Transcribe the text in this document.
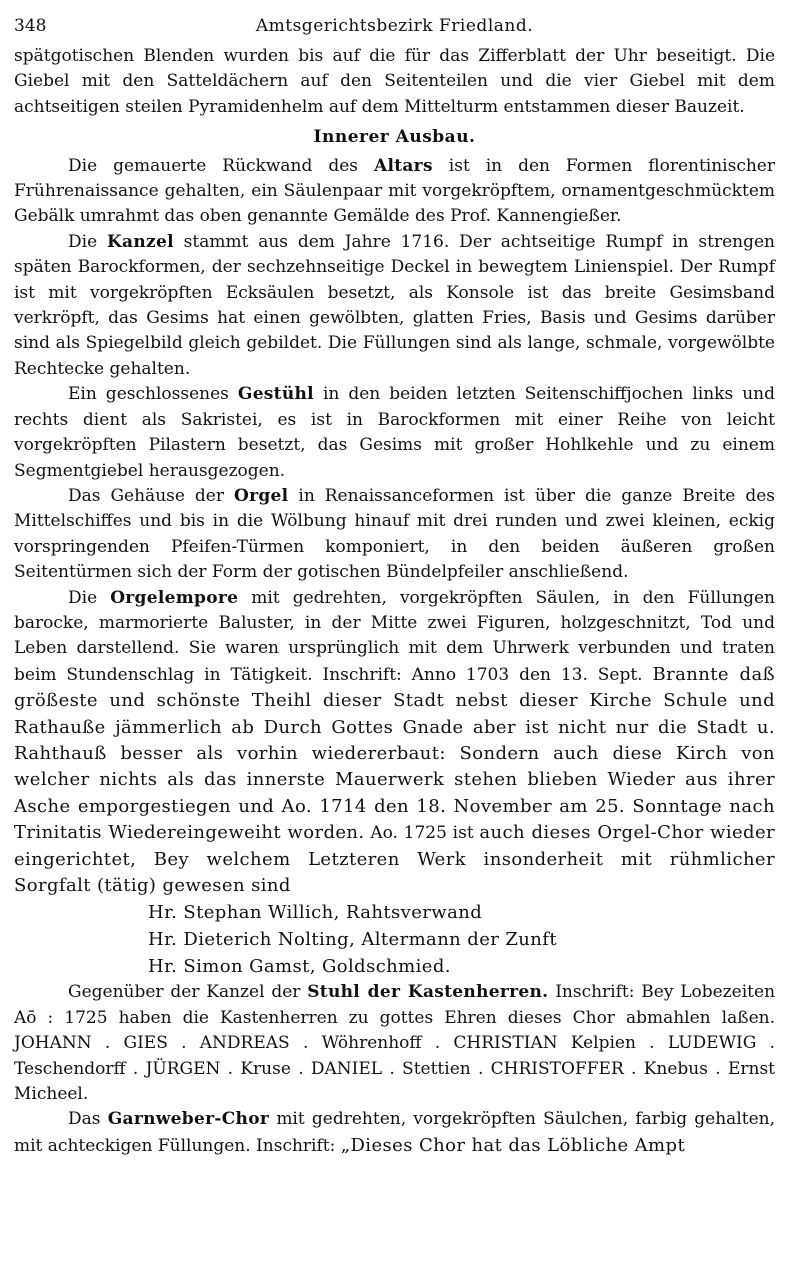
348	Amtsgerichtsbezirk Friedland.

spätgotischen Blenden wurden bis auf die für das Zifferblatt der Uhr beseitigt. Die Giebel mit den Satteldächern auf den Seitenteilen und die vier Giebel mit dem achtseitigen steilen Pyramidenhelm auf dem Mittelturm entstammen dieser Bauzeit.

Innerer Ausbau.

Die gemauerte Rückwand des Altars ist in den Formen florentinischer Frührenaissance gehalten, ein Säulenpaar mit vorgekröpftem, ornamentgeschmücktem Gebälk umrahmt das oben genannte Gemälde des Prof. Kannengießer.

Die Kanzel stammt aus dem Jahre 1716. Der achtseitige Rumpf in strengen späten Barockformen, der sechzehnseitige Deckel in bewegtem Linienspiel. Der Rumpf ist mit vorgekröpften Ecksäulen besetzt, als Konsole ist das breite Gesimsband verkröpft, das Gesims hat einen gewölbten, glatten Fries, Basis und Gesims darüber sind als Spiegelbild gleich gebildet. Die Füllungen sind als lange, schmale, vorgewölbte Rechtecke gehalten.

Ein geschlossenes Gestühl in den beiden letzten Seitenschiffjochen links und rechts dient als Sakristei, es ist in Barockformen mit einer Reihe von leicht vorgekröpften Pilastern besetzt, das Gesims mit großer Hohlkehle und zu einem Segmentgiebel herausgezogen.

Das Gehäuse der Orgel in Renaissanceformen ist über die ganze Breite des Mittelschiffes und bis in die Wölbung hinauf mit drei runden und zwei kleinen, eckig vorspringenden Pfeifen-Türmen komponiert, in den beiden äußeren großen Seitentürmen sich der Form der gotischen Bündelpfeiler anschließend.

Die Orgelempore mit gedrehten, vorgekröpften Säulen, in den Füllungen barocke, marmorierte Baluster, in der Mitte zwei Figuren, holzgeschnitzt, Tod und Leben darstellend. Sie waren ursprünglich mit dem Uhrwerk verbunden und traten beim Stundenschlag in Tätigkeit. Inschrift: Anno 1703 den 13. Sept. Brannte daß größeste und schönste Theihl dieser Stadt nebst dieser Kirche Schule und Rathauße jämmerlich ab Durch Gottes Gnade aber ist nicht nur die Stadt u. Rahthauß besser als vorhin wiedererbaut: Sondern auch diese Kirch von welcher nichts als das innerste Mauerwerk stehen blieben Wieder aus ihrer Asche emporgestiegen und Ao. 1714 den 18. November am 25. Sonntage nach Trinitatis Wiedereingeweiht worden. Ao. 1725 ist auch dieses Orgel-Chor wieder eingerichtet, Bey welchem Letzteren Werk insonderheit mit rühmlicher Sorgfalt (tätig) gewesen sind

Hr. Stephan Willich, Rahtsverwand
Hr. Dieterich Nolting, Altermann der Zunft
Hr. Simon Gamst, Goldschmied.

Gegenüber der Kanzel der Stuhl der Kastenherren. Inschrift: Bey Lobezeiten Aō : 1725 haben die Kastenherren zu gottes Ehren dieses Chor abmahlen laßen. JOHANN . GIES . ANDREAS . Wöhrenhoff . CHRISTIAN Kelpien . LUDEWIG . Teschendorff . JÜRGEN . Kruse . DANIEL . Stettien . CHRISTOFFER . Knebus . Ernst Micheel.

Das Garnweber-Chor mit gedrehten, vorgekröpften Säulchen, farbig gehalten, mit achteckigen Füllungen. Inschrift: „Dieses Chor hat das Löbliche Ampt
